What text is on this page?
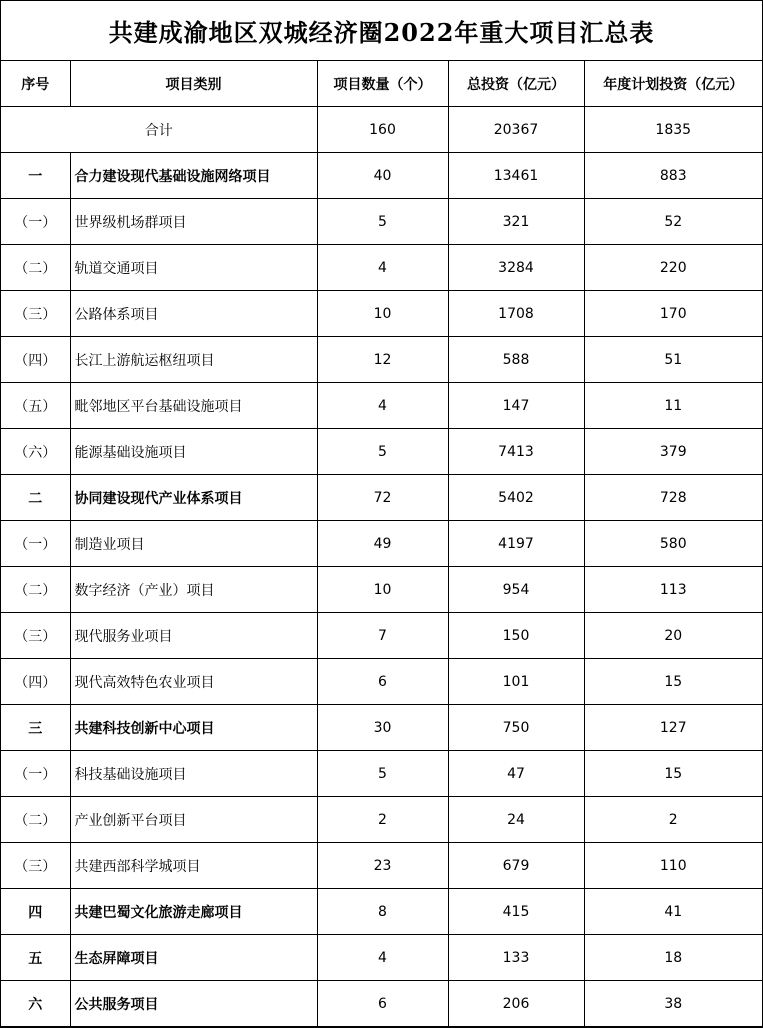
共建成渝地区双城经济圈2022年重大项目汇总表
序号	项目类别	项目数量（个）	总投资（亿元）	年度计划投资（亿元）
合计		160	20367	1835
一	合力建设现代基础设施网络项目	40	13461	883
（一）	世界级机场群项目	5	321	52
（二）	轨道交通项目	4	3284	220
（三）	公路体系项目	10	1708	170
（四）	长江上游航运枢纽项目	12	588	51
（五）	毗邻地区平台基础设施项目	4	147	11
（六）	能源基础设施项目	5	7413	379
二	协同建设现代产业体系项目	72	5402	728
（一）	制造业项目	49	4197	580
（二）	数字经济（产业）项目	10	954	113
（三）	现代服务业项目	7	150	20
（四）	现代高效特色农业项目	6	101	15
三	共建科技创新中心项目	30	750	127
（一）	科技基础设施项目	5	47	15
（二）	产业创新平台项目	2	24	2
（三）	共建西部科学城项目	23	679	110
四	共建巴蜀文化旅游走廊项目	8	415	41
五	生态屏障项目	4	133	18
六	公共服务项目	6	206	38
